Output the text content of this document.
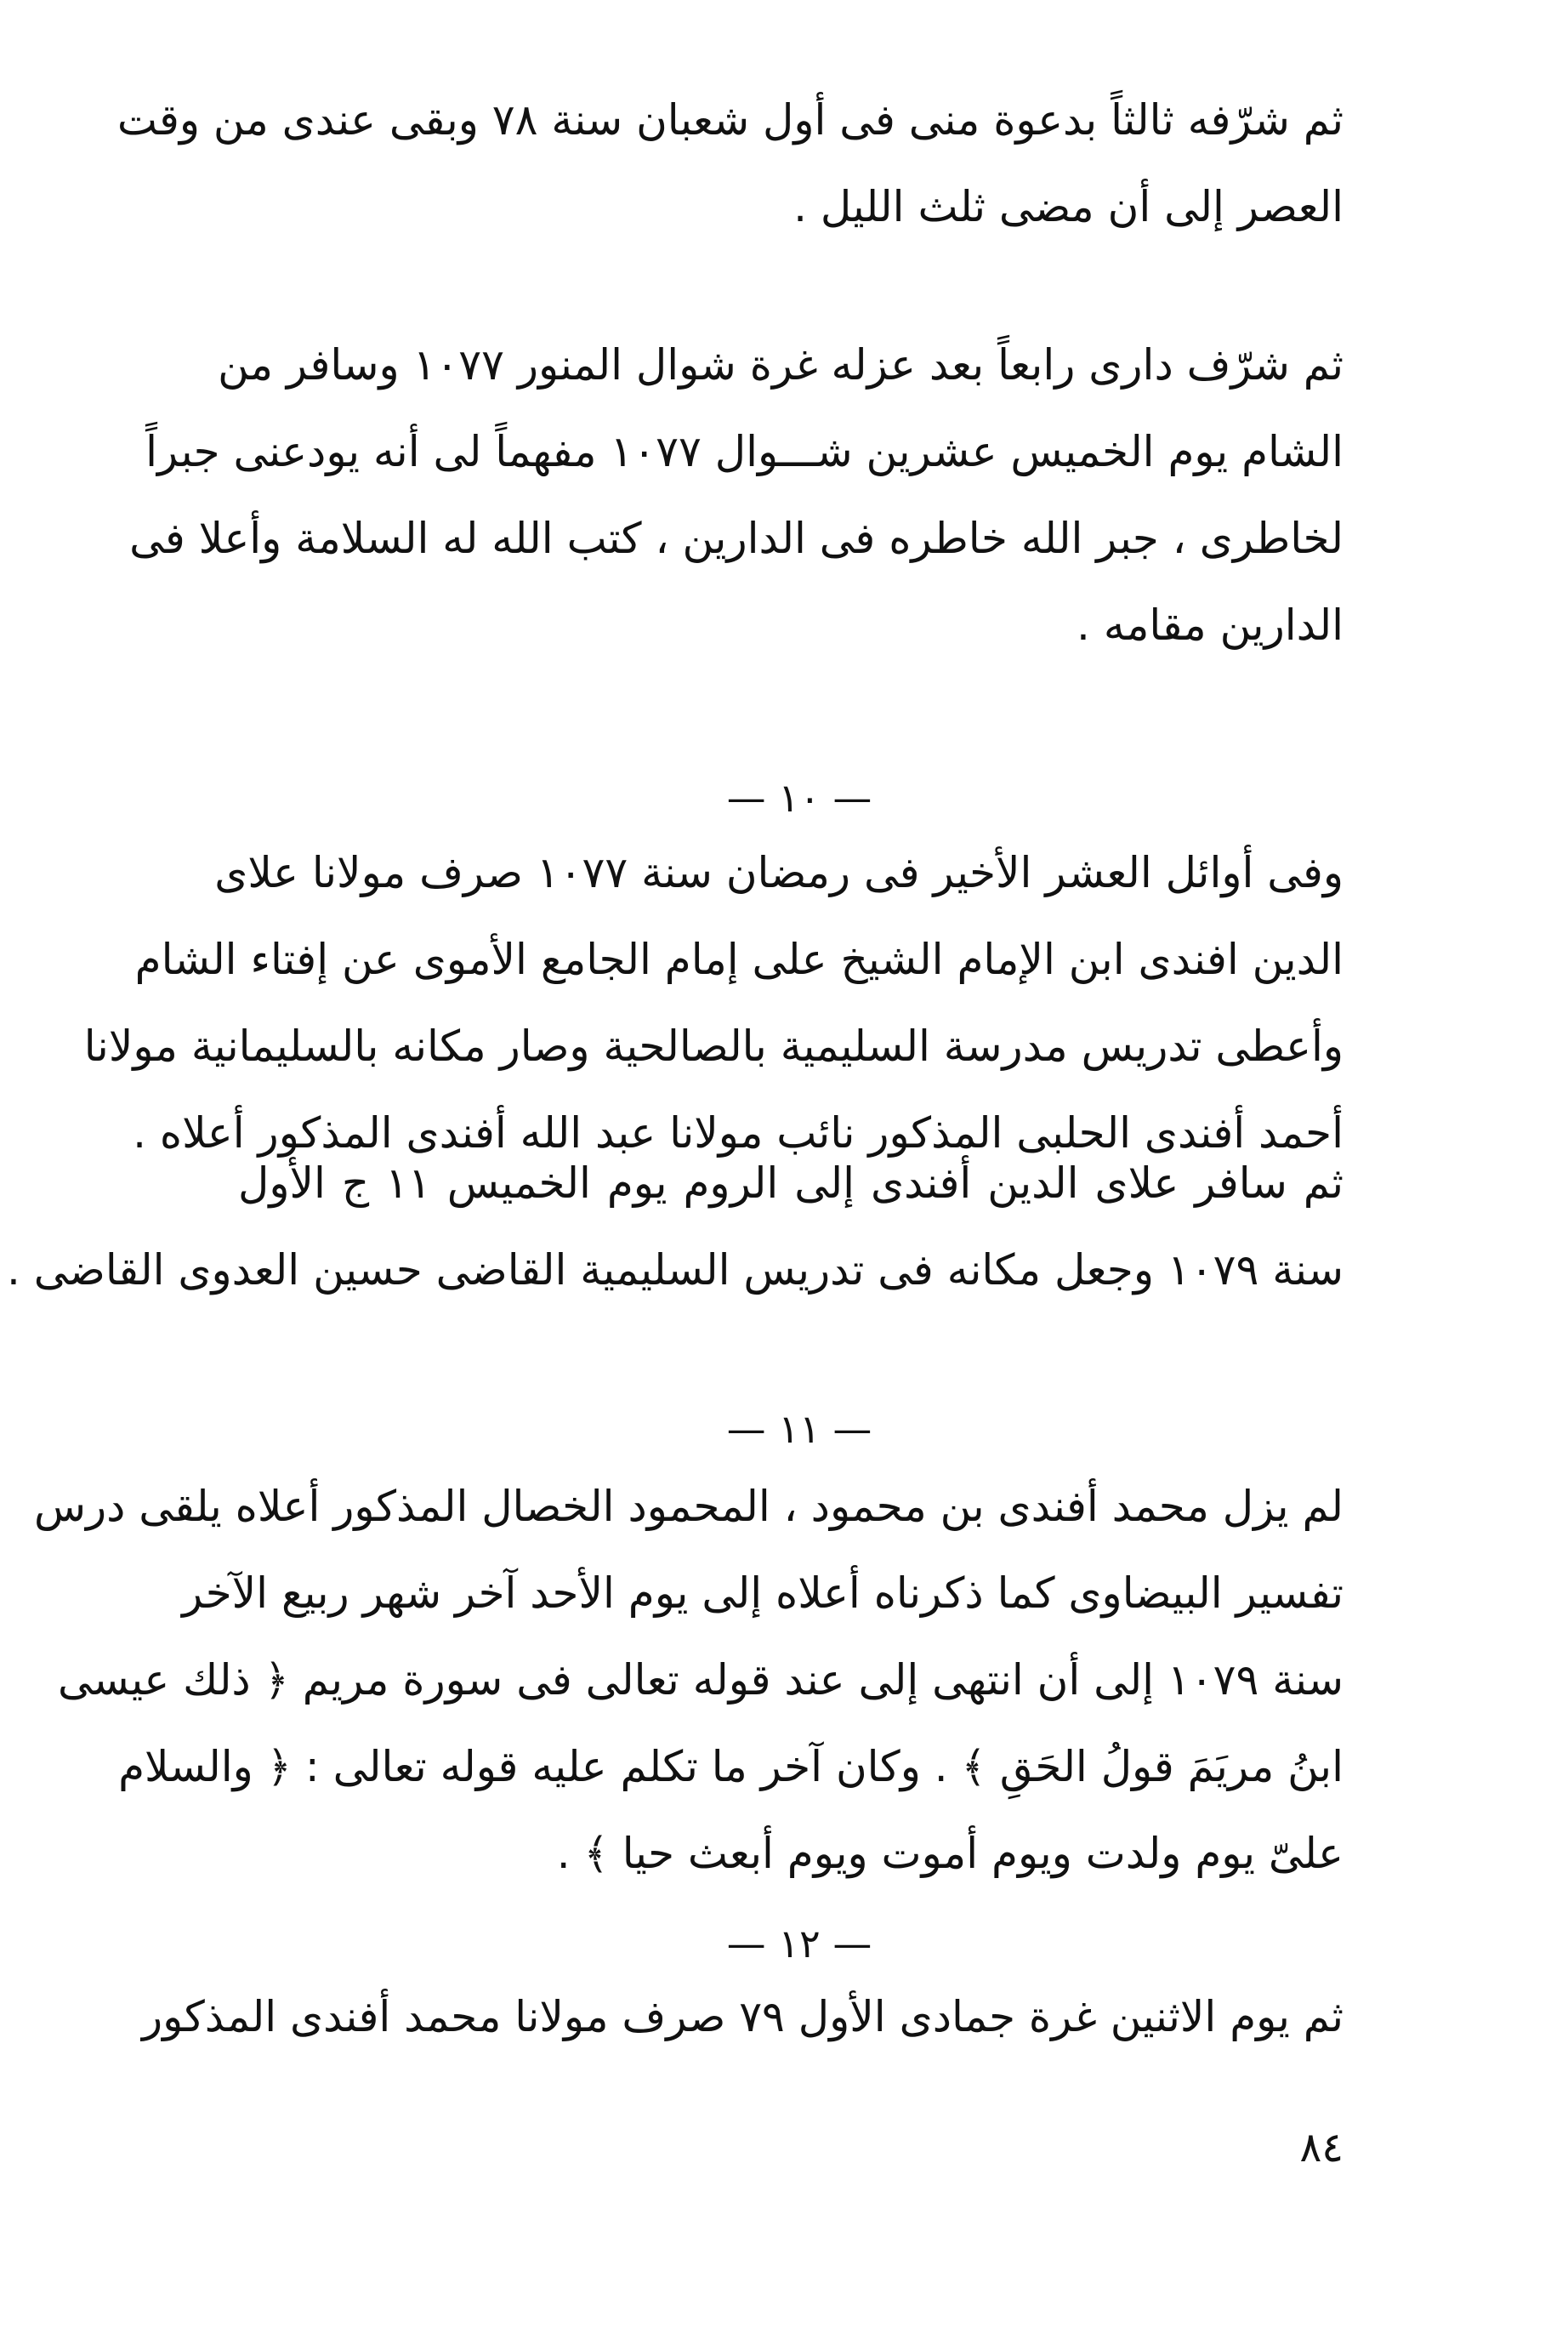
ثم شرّفه ثالثاً بدعوة منى فى أول شعبان سنة ٧٨ وبقى عندى من وقت
العصر إلى أن مضى ثلث الليل .
ثم شرّف دارى رابعاً بعد عزله غرة شوال المنور ١٠٧٧ وسافر من
الشام يوم الخميس عشرين شـــوال ١٠٧٧ مفهماً لى أنه يودعنى جبراً
لخاطرى ، جبر الله خاطره فى الدارين ، كتب الله له السلامة وأعلا فى
الدارين مقامه .
— ١٠ —
وفى أوائل العشر الأخير فى رمضان سنة ١٠٧٧ صرف مولانا علاى
الدين افندى ابن الإمام الشيخ على إمام الجامع الأموى عن إفتاء الشام
وأعطى تدريس مدرسة السليمية بالصالحية وصار مكانه بالسليمانية مولانا
أحمد أفندى الحلبى المذكور نائب مولانا عبد الله أفندى المذكور أعلاه .
ثم سافر علاى الدين أفندى إلى الروم يوم الخميس ١١ ج الأول
سنة ١٠٧٩ وجعل مكانه فى تدريس السليمية القاضى حسين العدوى القاضى .
— ١١ —
لم يزل محمد أفندى بن محمود ، المحمود الخصال المذكور أعلاه يلقى درس
تفسير البيضاوى كما ذكرناه أعلاه إلى يوم الأحد آخر شهر ربيع الآخر
سنة ١٠٧٩ إلى أن انتهى إلى عند قوله تعالى فى سورة مريم ﴿ ذلك عيسى
ابنُ مريَمَ قولُ الحَقِ ﴾ . وكان آخر ما تكلم عليه قوله تعالى : ﴿ والسلام
علىّ يوم ولدت ويوم أموت ويوم أبعث حيا ﴾ .
— ١٢ —
ثم يوم الاثنين غرة جمادى الأول ٧٩ صرف مولانا محمد أفندى المذكور
٨٤
